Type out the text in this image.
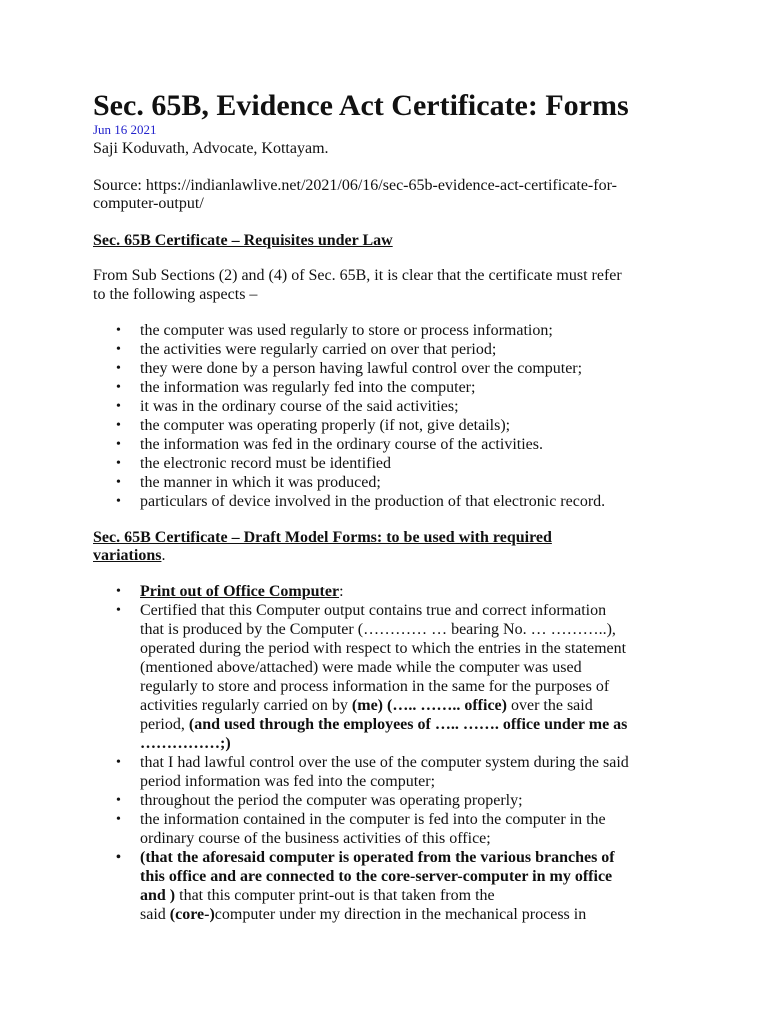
Sec. 65B, Evidence Act Certificate: Forms
Jun 16 2021
Saji Koduvath, Advocate, Kottayam.
Source: https://indianlawlive.net/2021/06/16/sec-65b-evidence-act-certificate-for-
computer-output/
Sec. 65B Certificate – Requisites under Law
From Sub Sections (2) and (4) of Sec. 65B, it is clear that the certificate must refer
to the following aspects –
• the computer was used regularly to store or process information;
• the activities were regularly carried on over that period;
• they were done by a person having lawful control over the computer;
• the information was regularly fed into the computer;
• it was in the ordinary course of the said activities;
• the computer was operating properly (if not, give details);
• the information was fed in the ordinary course of the activities.
• the electronic record must be identified
• the manner in which it was produced;
• particulars of device involved in the production of that electronic record.
Sec. 65B Certificate – Draft Model Forms: to be used with required
variations.
• Print out of Office Computer:
• Certified that this Computer output contains true and correct information
that is produced by the Computer (………… … bearing No. … ………..),
operated during the period with respect to which the entries in the statement
(mentioned above/attached) were made while the computer was used
regularly to store and process information in the same for the purposes of
activities regularly carried on by (me) (….. …….. office) over the said
period, (and used through the employees of ….. ……. office under me as
……………;)
• that I had lawful control over the use of the computer system during the said
period information was fed into the computer;
• throughout the period the computer was operating properly;
• the information contained in the computer is fed into the computer in the
ordinary course of the business activities of this office;
• (that the aforesaid computer is operated from the various branches of
this office and are connected to the core-server-computer in my office
and ) that this computer print-out is that taken from the
said (core-)computer under my direction in the mechanical process in
